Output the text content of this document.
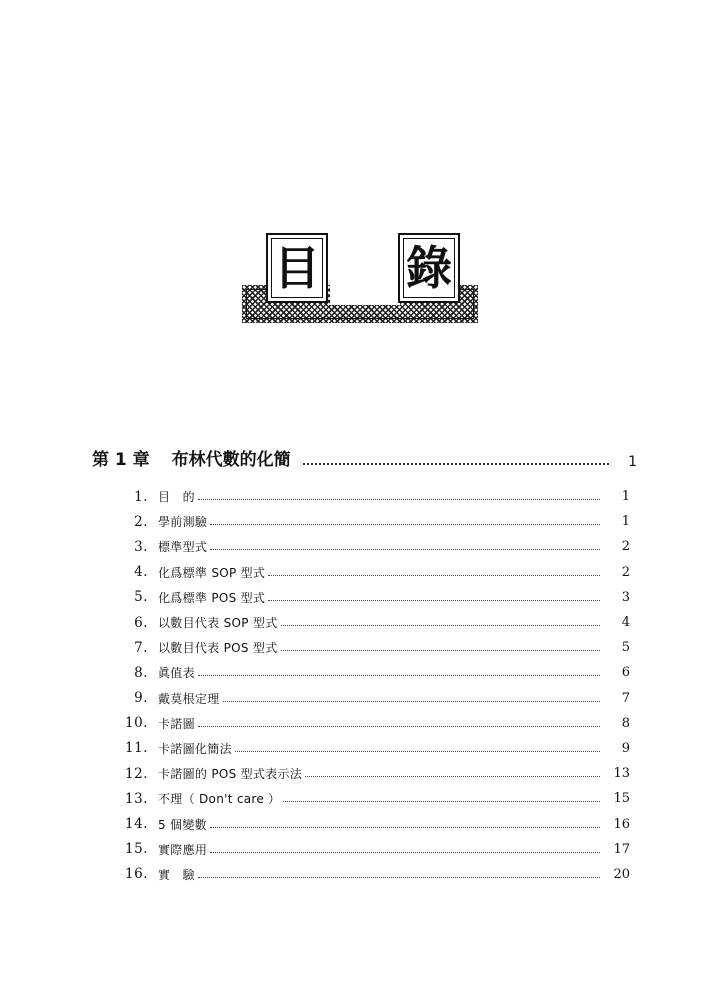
目 錄
第 1 章 布林代數的化簡	1
1. 目　的	1
2. 學前測驗	1
3. 標準型式	2
4. 化爲標準 SOP 型式	2
5. 化爲標準 POS 型式	3
6. 以數目代表 SOP 型式	4
7. 以數目代表 POS 型式	5
8. 眞值表	6
9. 戴莫根定理	7
10. 卡諾圖	8
11. 卡諾圖化簡法	9
12. 卡諾圖的 POS 型式表示法	13
13. 不理（ Don't care ）	15
14. 5 個變數	16
15. 實際應用	17
16. 實　驗	20
